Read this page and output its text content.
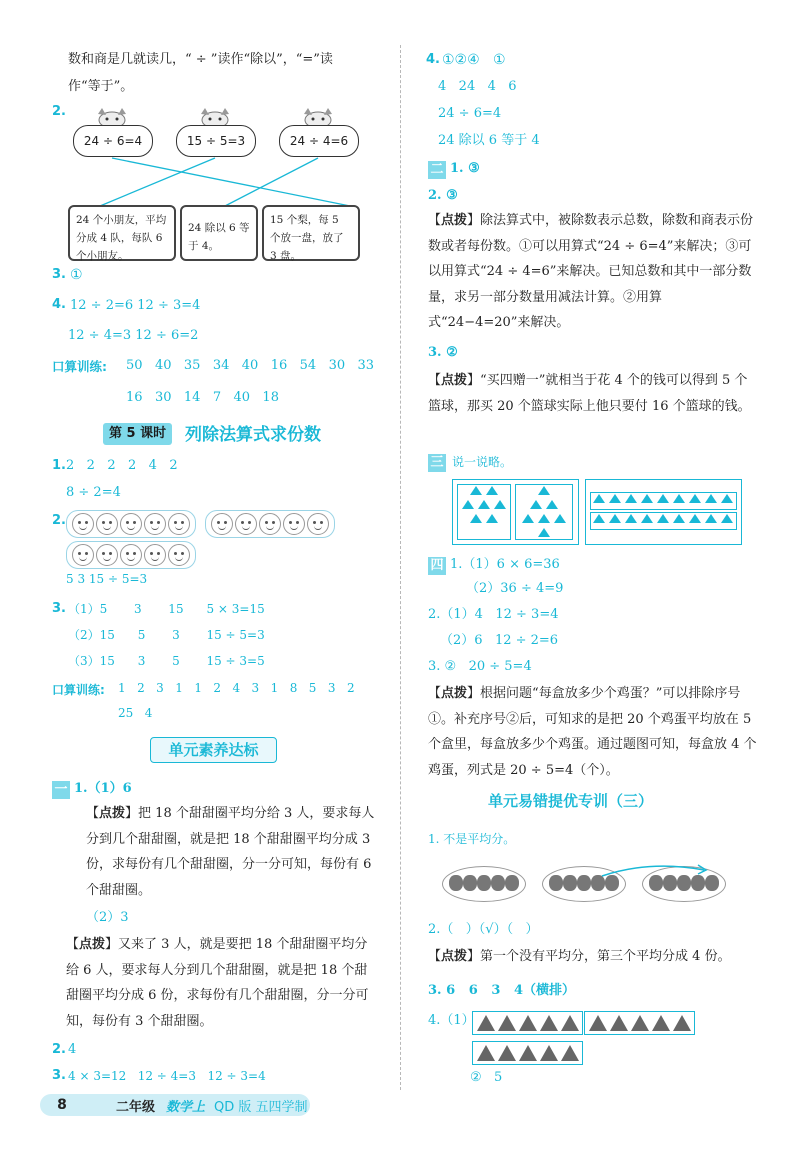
数和商是几就读几，“ ÷ ”读作“除以”，“=”读
作“等于”。
2.
24 ÷ 6=4	15 ÷ 5=3	24 ÷ 4=6
24 个小朋友，平均分成 4 队，每队 6 个小朋友。
24 除以 6 等于 4。
15 个梨，每 5 个放一盘，放了 3 盘。
3. ①
4. 12 ÷ 2=6 12 ÷ 3=4
12 ÷ 4=3 12 ÷ 6=2
口算训练: 50   40   35   34   40   16   54   30   33
16   30   14   7   40   18
第 5 课时	列除法算式求份数
1. 2   2   2   2   4   2
8 ÷ 2=4
2.
5 3 15 ÷ 5=3
3. （1）5       3       15      5 × 3=15
（2）15      5       3       15 ÷ 5=3
（3）15      3       5       15 ÷ 3=5
口算训练: 1   2   3   1   1   2   4   3   1   8   5   3   2
25   4
单元素养达标
一 1.（1）6
【点拨】把 18 个甜甜圈平均分给 3 人，要求每人分到几个甜甜圈，就是把 18 个甜甜圈平均分成 3 份，求每份有几个甜甜圈，分一分可知，每份有 6 个甜甜圈。
（2）3
【点拨】又来了 3 人，就是要把 18 个甜甜圈平均分给 6 人，要求每人分到几个甜甜圈，就是把 18 个甜甜圈平均分成 6 份，求每份有几个甜甜圈，分一分可知，每份有 3 个甜甜圈。
2. 4
3. 4 × 3=12   12 ÷ 4=3   12 ÷ 3=4
4. ①②④   ①
4   24   4   6
24 ÷ 6=4
24 除以 6 等于 4
二 1. ③
2. ③
【点拨】除法算式中，被除数表示总数，除数和商表示份数或者每份数。①可以用算式“24 ÷ 6=4”来解决；③可以用算式“24 ÷ 4=6”来解决。已知总数和其中一部分数量，求另一部分数量用减法计算。②用算式“24−4=20”来解决。
3. ②
【点拨】“买四赠一”就相当于花 4 个的钱可以得到 5 个篮球，那买 20 个篮球实际上他只要付 16 个篮球的钱。
三 说一说略。

四 1.（1）6 × 6=36
（2）36 ÷ 4=9
2.（1）4   12 ÷ 3=4
（2）6   12 ÷ 2=6
3. ②   20 ÷ 5=4
【点拨】根据问题“每盒放多少个鸡蛋？”可以排除序号①。补充序号②后，可知求的是把 20 个鸡蛋平均放在 5 个盒里，每盒放多少个鸡蛋。通过题图可知，每盒放 4 个鸡蛋，列式是 20 ÷ 5=4（个）。
单元易错提优专训（三）
1. 不是平均分。
2.（   ）（√）（   ）
【点拨】第一个没有平均分，第三个平均分成 4 份。
3. 6   6   3   4（横排）
4.（1）
②   5
8	二年级 数学上 QD 版 五四学制
